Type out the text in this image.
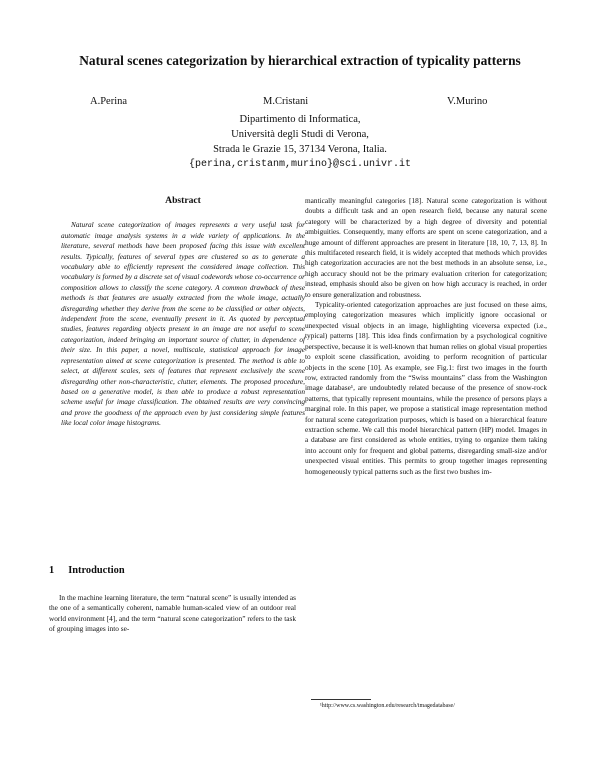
Natural scenes categorization by hierarchical extraction of typicality patterns
A.Perina	M.Cristani	V.Murino
Dipartimento di Informatica,
Università degli Studi di Verona,
Strada le Grazie 15, 37134 Verona, Italia.
{perina,cristanm,murino}@sci.univr.it
Abstract

Natural scene categorization of images represents a very useful task for automatic image analysis systems in a wide variety of applications. In the literature, several methods have been proposed facing this issue with excellent results. Typically, features of several types are clustered so as to generate a vocabulary able to efficiently represent the considered image collection. This vocabulary is formed by a discrete set of visual codewords whose co-occurrence or composition allows to classify the scene category. A common drawback of these methods is that features are usually extracted from the whole image, actually disregarding whether they derive from the scene to be classified or other objects, independent from the scene, eventually present in it. As quoted by perceptual studies, features regarding objects present in an image are not useful to scene categorization, indeed bringing an important source of clutter, in dependence of their size. In this paper, a novel, multiscale, statistical approach for image representation aimed at scene categorization is presented. The method is able to select, at different scales, sets of features that represent exclusively the scene disregarding other non-characteristic, clutter, elements. The proposed procedure, based on a generative model, is then able to produce a robust representation scheme useful for image classification. The obtained results are very convincing and prove the goodness of the approach even by just considering simple features like local color image histograms.

1 Introduction

In the machine learning literature, the term “natural scene” is usually intended as the one of a semantically coherent, namable human-scaled view of an outdoor real world environment [4], and the term “natural scene categorization” refers to the task of grouping images into se-

mantically meaningful categories [18]. Natural scene categorization is without doubts a difficult task and an open research field, because any natural scene category will be characterized by a high degree of diversity and potential ambiguities. Consequently, many efforts are spent on scene categorization, and a huge amount of different approaches are present in literature [18, 10, 7, 13, 8]. In this multifaceted research field, it is widely accepted that methods which provides high categorization accuracies are not the best methods in an absolute sense, i.e., high accuracy should not be the primary evaluation criterion for categorization; instead, emphasis should also be given on how high accuracy is reached, in order to ensure generalization and robustness.

Typicality-oriented categorization approaches are just focused on these aims, employing categorization measures which implicitly ignore occasional or unexpected visual objects in an image, highlighting viceversa expected (i.e., typical) patterns [18]. This idea finds confirmation by a psychological cognitive perspective, because it is well-known that human relies on global visual properties to exploit scene classification, avoiding to perform recognition of particular objects in the scene [10]. As example, see Fig.1: first two images in the fourth row, extracted randomly from the “Swiss mountains” class from the Washington image database¹, are undoubtedly related because of the presence of snow-rock patterns, that typically represent mountains, while the presence of persons plays a marginal role. In this paper, we propose a statistical image representation method for natural scene categorization purposes, which is based on a hierarchical feature extraction scheme. We call this model hierarchical pattern (HP) model. Images in a database are first considered as whole entities, trying to organize them taking into account only for frequent and global patterns, disregarding small-size and/or unexpected visual entities. This permits to group together images representing homogeneously typical patterns such as the first two bushes im-

¹http://www.cs.washington.edu/research/imagedatabase/
